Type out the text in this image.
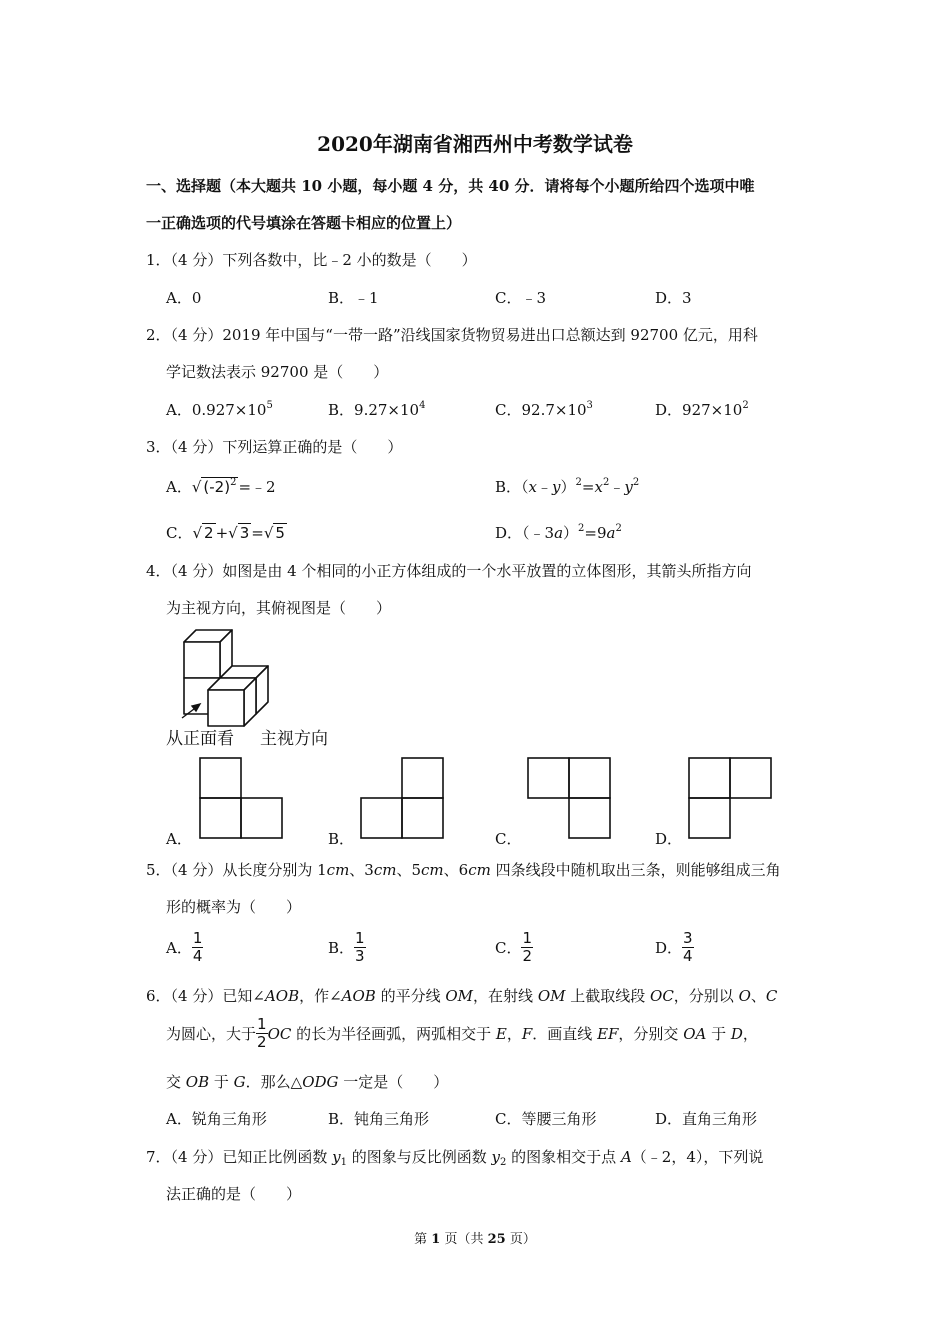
2020年湖南省湘西州中考数学试卷
一、选择题（本大题共 10 小题，每小题 4 分，共 40 分．请将每个小题所给四个选项中唯
一正确选项的代号填涂在答题卡相应的位置上）
1．（4 分）下列各数中，比﹣2 小的数是（　　）
A．0	B．﹣1	C．﹣3	D．3
2．（4 分）2019 年中国与“一带一路”沿线国家货物贸易进出口总额达到 92700 亿元，用科
学记数法表示 92700 是（　　）
A．$0.927\times 10^5$	B．$9.27\times 10^4$	C．$92.7\times 10^3$	D．$927\times 10^2$
3．（4 分）下列运算正确的是（　　）
A．√ $(-2)^2$ =﹣2	B．$(x﹣y)^2=x^2﹣y^2$
C．√ 2 +√ 3 =√ 5	D．$(﹣3a)^2=9a^2$
4．（4 分）如图是由 4 个相同的小正方体组成的一个水平放置的立体图形，其箭头所指方向
为主视方向，其俯视图是（　　）
从正面看 主视方向
A．	B．	C．	D．
5．（4 分）从长度分别为 1cm、3cm、5cm、6cm 四条线段中随机取出三条，则能够组成三角
形的概率为（　　）
A． $\frac{1}{4}$	B． $\frac{1}{3}$	C． $\frac{1}{2}$	D． $\frac{3}{4}$
6．（4 分）已知∠AOB，作∠AOB 的平分线 OM，在射线 OM 上截取线段 OC，分别以 O、C
为圆心，大于 $\frac{1}{2}$ OC 的长为半径画弧，两弧相交于 E，F．画直线 EF，分别交 OA 于 D，
交 OB 于 G．那么△ODG 一定是（　　）
A．锐角三角形	B．钝角三角形	C．等腰三角形	D．直角三角形
7．（4 分）已知正比例函数 $y_1$ 的图象与反比例函数 $y_2$ 的图象相交于点 A（﹣2，4），下列说
法正确的是（　　）
第 1 页（共 25 页）
